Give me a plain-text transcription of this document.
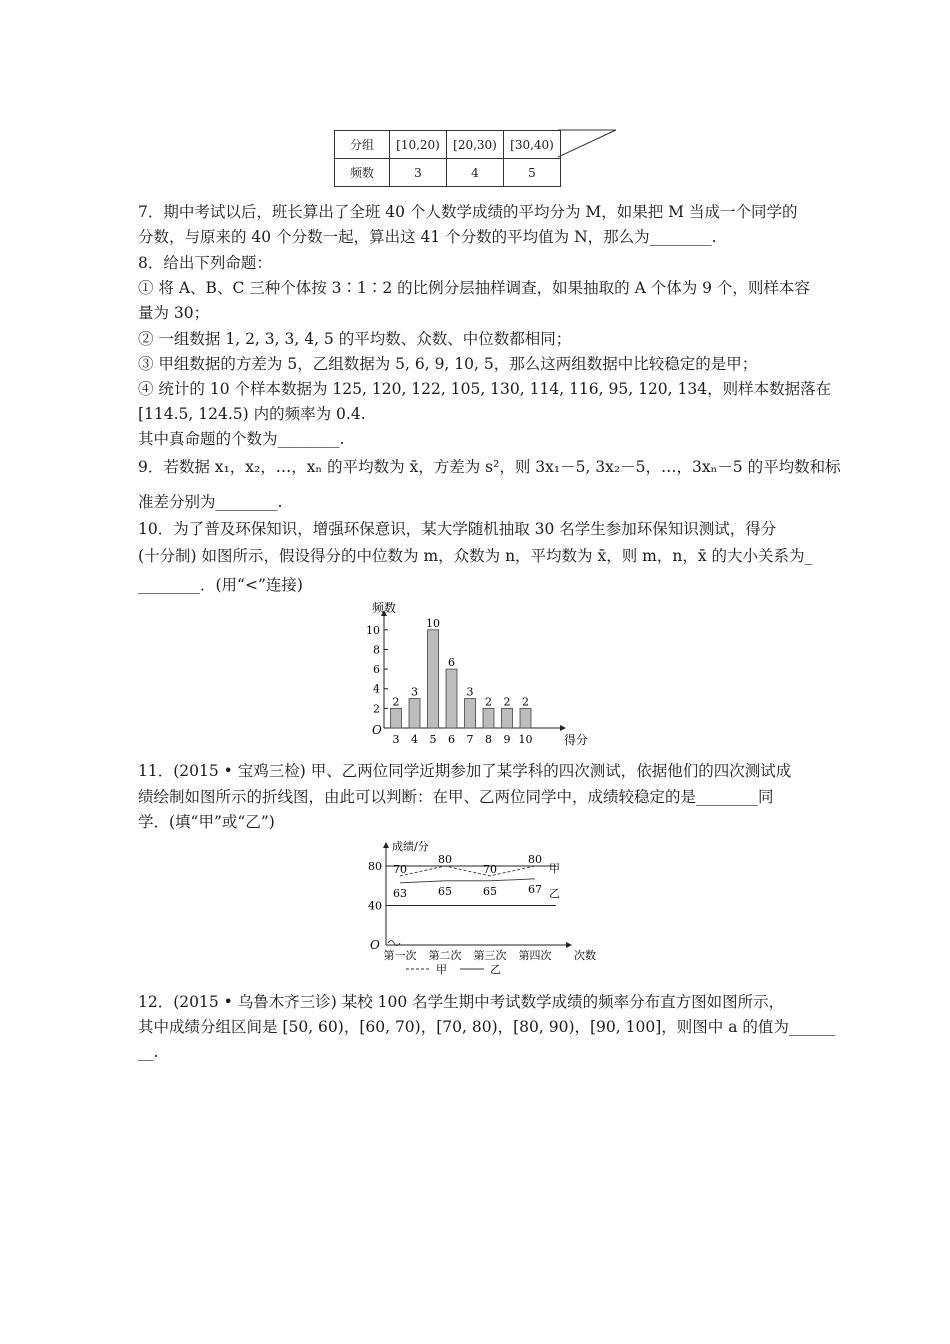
分组	[10,20)	[20,30)	[30,40)
频数	3	4	5
7．期中考试以后，班长算出了全班 40 个人数学成绩的平均分为 M，如果把 M 当成一个同学的
分数，与原来的 40 个分数一起，算出这 41 个分数的平均值为 N，那么为________.
8．给出下列命题：
① 将 A、B、C 三种个体按 3∶1∶2 的比例分层抽样调查，如果抽取的 A 个体为 9 个，则样本容
量为 30；
② 一组数据 1, 2, 3, 3, 4, 5 的平均数、众数、中位数都相同；
③ 甲组数据的方差为 5，乙组数据为 5, 6, 9, 10, 5，那么这两组数据中比较稳定的是甲；
④ 统计的 10 个样本数据为 125, 120, 122, 105, 130, 114, 116, 95, 120, 134，则样本数据落在
[114.5, 124.5) 内的频率为 0.4.
其中真命题的个数为________.
9．若数据 x₁，x₂，…，xₙ 的平均数为 x̄，方差为 s²，则 3x₁－5, 3x₂－5，…，3xₙ－5 的平均数和标
准差分别为________.
10．为了普及环保知识，增强环保意识，某大学随机抽取 30 名学生参加环保知识测试，得分
(十分制) 如图所示，假设得分的中位数为 m，众数为 n，平均数为 x̄，则 m，n，x̄ 的大小关系为_
________．(用“<”连接)
频数
得分
O
2
4
6
8
10
2
3
3
4
10
5
6
6
3
7
2
8
2
9
2
10
11．(2015 • 宝鸡三检) 甲、乙两位同学近期参加了某学科的四次测试，依据他们的四次测试成
绩绘制如图所示的折线图，由此可以判断：在甲、乙两位同学中，成绩较稳定的是________同
学．(填“甲”或“乙”)
成绩/分
次数
O
40
80
第一次 第二次 第三次 第四次
70
80
70
80
甲
63	65	65	67 乙
甲	乙
12．(2015 • 乌鲁木齐三诊) 某校 100 名学生期中考试数学成绩的频率分布直方图如图所示，
其中成绩分组区间是 [50, 60)，[60, 70)，[70, 80)，[80, 90)，[90, 100]，则图中 a 的值为______
__.
